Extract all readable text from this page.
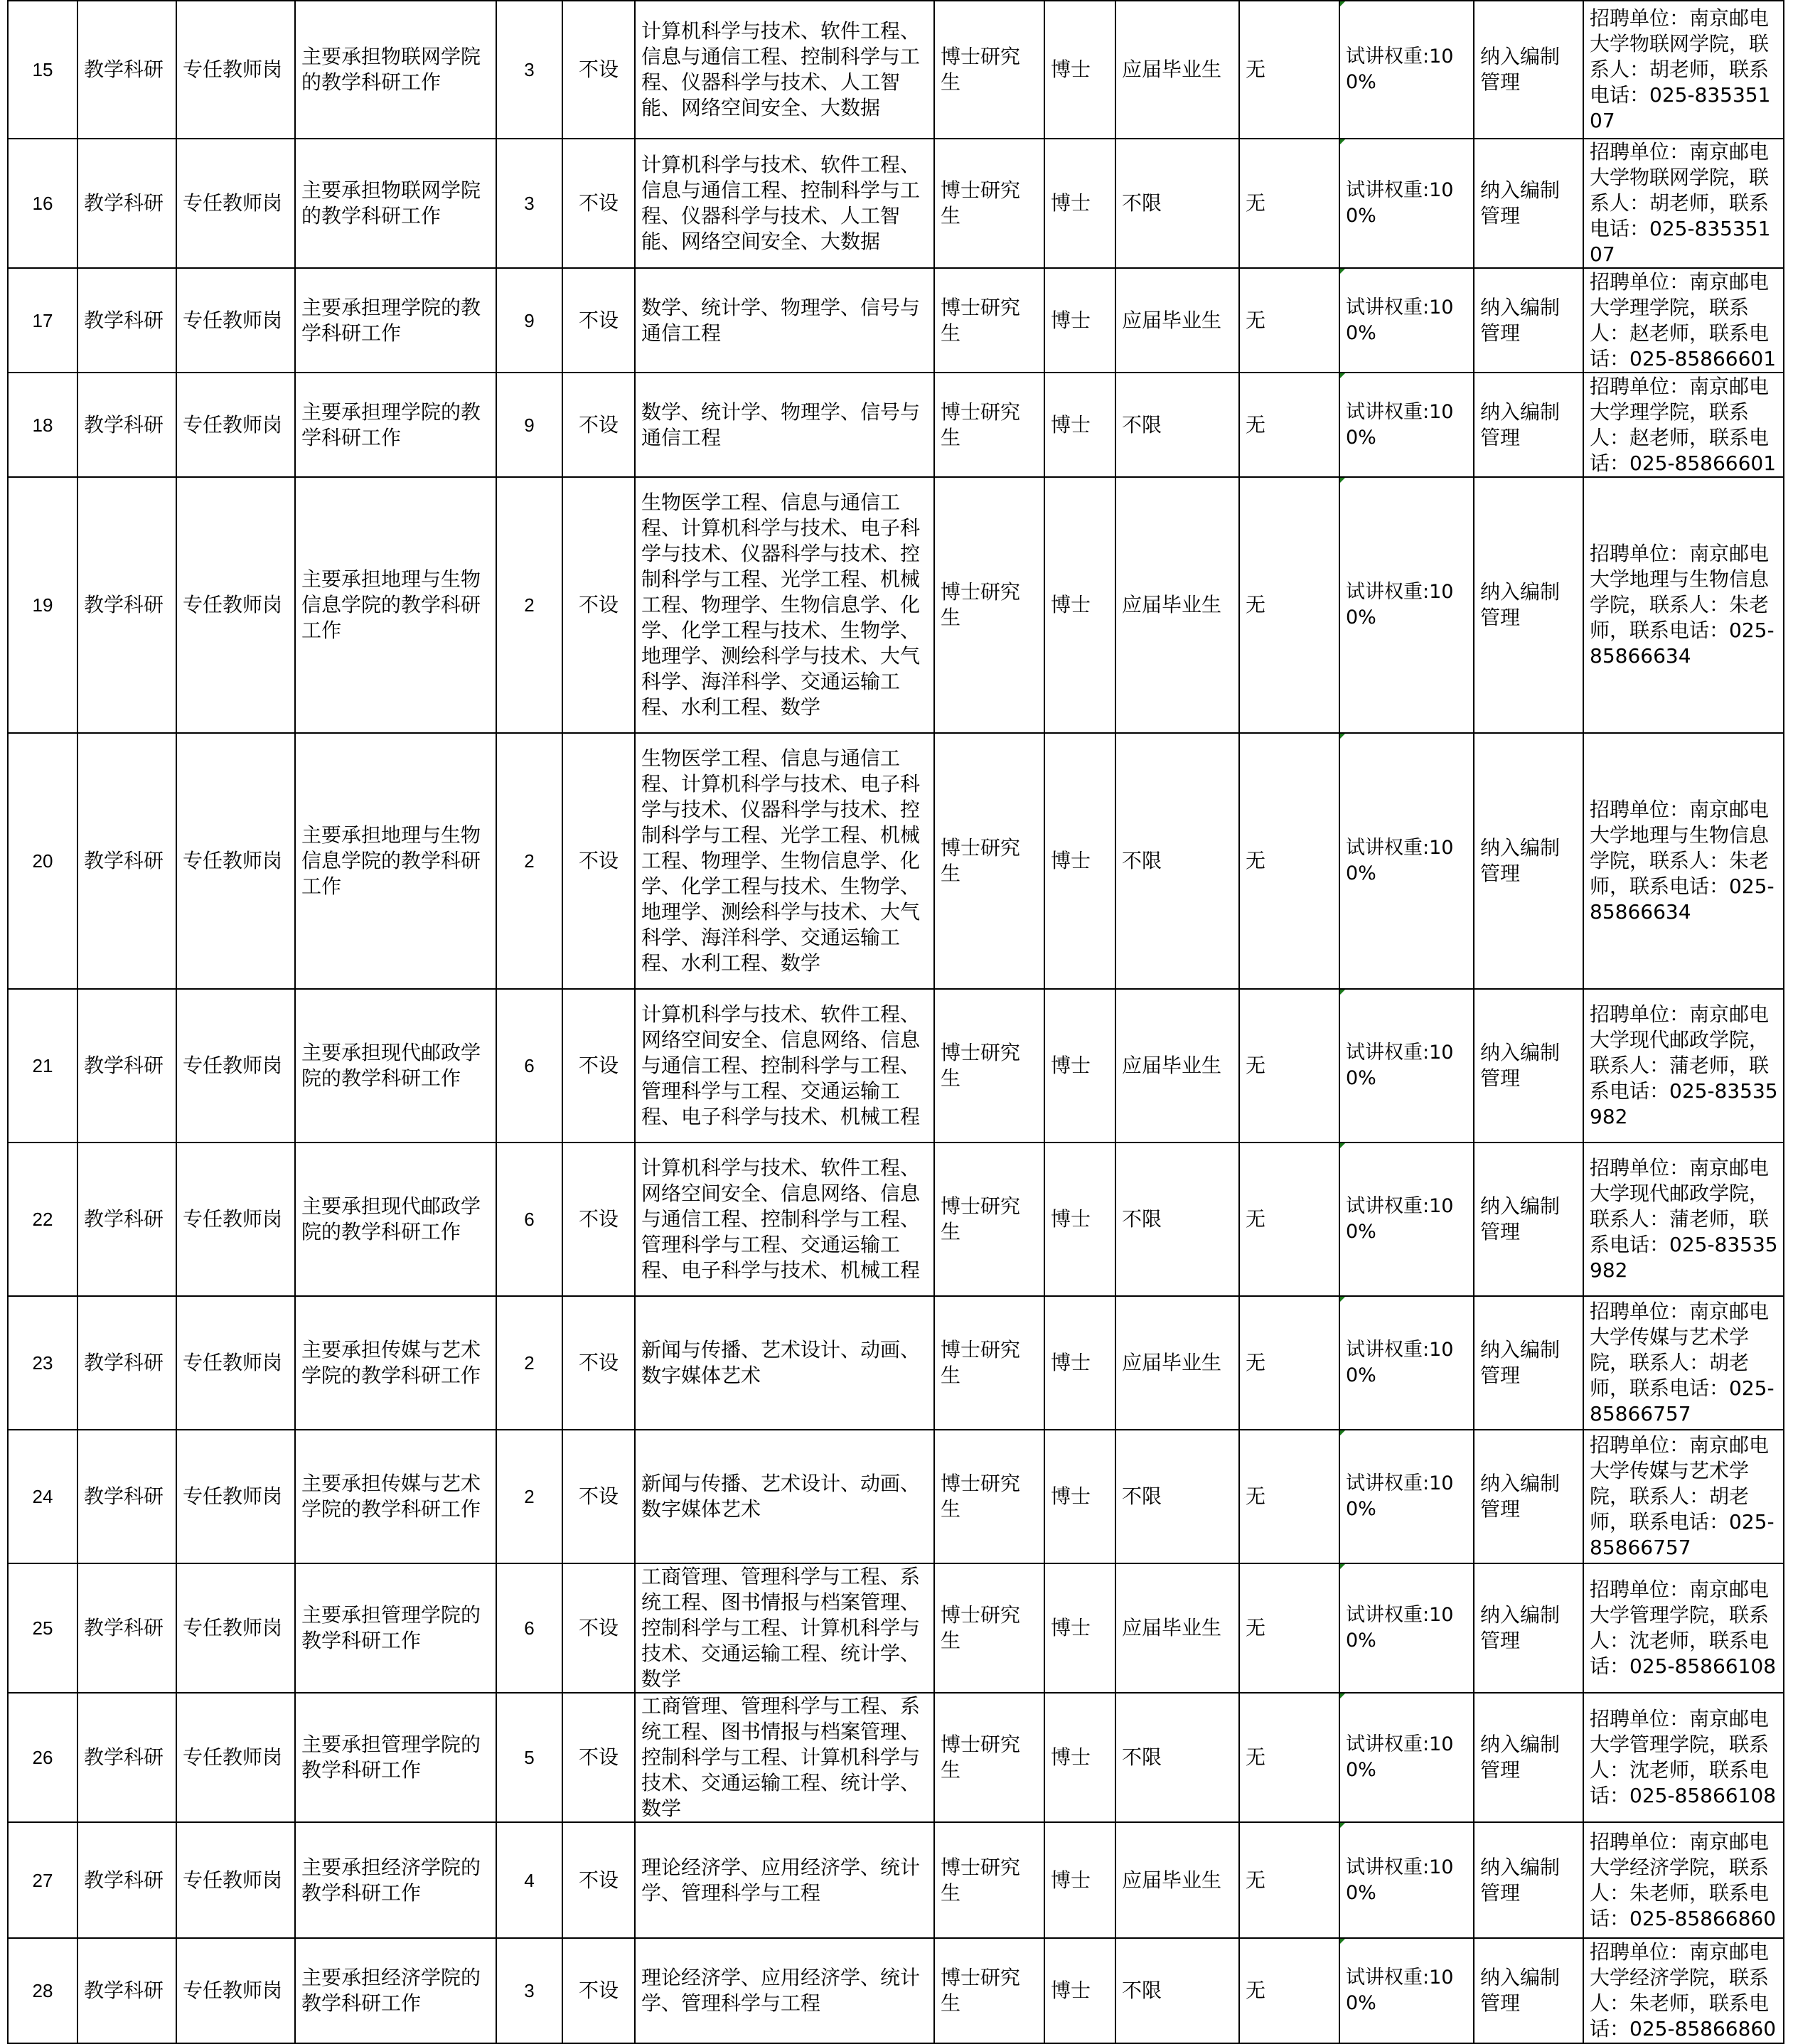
15	教学科研	专任教师岗	主要承担物联网学院的教学科研工作	3	不设	计算机科学与技术、软件工程、信息与通信工程、控制科学与工程、仪器科学与技术、人工智能、网络空间安全、大数据	博士研究生	博士	应届毕业生	无	试讲权重:100%	纳入编制管理	招聘单位：南京邮电大学物联网学院，联系人：胡老师，联系电话：025-83535107
16	教学科研	专任教师岗	主要承担物联网学院的教学科研工作	3	不设	计算机科学与技术、软件工程、信息与通信工程、控制科学与工程、仪器科学与技术、人工智能、网络空间安全、大数据	博士研究生	博士	不限	无	试讲权重:100%	纳入编制管理	招聘单位：南京邮电大学物联网学院，联系人：胡老师，联系电话：025-83535107
17	教学科研	专任教师岗	主要承担理学院的教学科研工作	9	不设	数学、统计学、物理学、信号与通信工程	博士研究生	博士	应届毕业生	无	试讲权重:100%	纳入编制管理	招聘单位：南京邮电大学理学院，联系人：赵老师，联系电话：025-85866601
18	教学科研	专任教师岗	主要承担理学院的教学科研工作	9	不设	数学、统计学、物理学、信号与通信工程	博士研究生	博士	不限	无	试讲权重:100%	纳入编制管理	招聘单位：南京邮电大学理学院，联系人：赵老师，联系电话：025-85866601
19	教学科研	专任教师岗	主要承担地理与生物信息学院的教学科研工作	2	不设	生物医学工程、信息与通信工程、计算机科学与技术、电子科学与技术、仪器科学与技术、控制科学与工程、光学工程、机械工程、物理学、生物信息学、化学、化学工程与技术、生物学、地理学、测绘科学与技术、大气科学、海洋科学、交通运输工程、水利工程、数学	博士研究生	博士	应届毕业生	无	试讲权重:100%	纳入编制管理	招聘单位：南京邮电大学地理与生物信息学院，联系人：朱老师，联系电话：025-85866634
20	教学科研	专任教师岗	主要承担地理与生物信息学院的教学科研工作	2	不设	生物医学工程、信息与通信工程、计算机科学与技术、电子科学与技术、仪器科学与技术、控制科学与工程、光学工程、机械工程、物理学、生物信息学、化学、化学工程与技术、生物学、地理学、测绘科学与技术、大气科学、海洋科学、交通运输工程、水利工程、数学	博士研究生	博士	不限	无	试讲权重:100%	纳入编制管理	招聘单位：南京邮电大学地理与生物信息学院，联系人：朱老师，联系电话：025-85866634
21	教学科研	专任教师岗	主要承担现代邮政学院的教学科研工作	6	不设	计算机科学与技术、软件工程、网络空间安全、信息网络、信息与通信工程、控制科学与工程、管理科学与工程、交通运输工程、电子科学与技术、机械工程	博士研究生	博士	应届毕业生	无	试讲权重:100%	纳入编制管理	招聘单位：南京邮电大学现代邮政学院，联系人：蒲老师，联系电话：025-83535982
22	教学科研	专任教师岗	主要承担现代邮政学院的教学科研工作	6	不设	计算机科学与技术、软件工程、网络空间安全、信息网络、信息与通信工程、控制科学与工程、管理科学与工程、交通运输工程、电子科学与技术、机械工程	博士研究生	博士	不限	无	试讲权重:100%	纳入编制管理	招聘单位：南京邮电大学现代邮政学院，联系人：蒲老师，联系电话：025-83535982
23	教学科研	专任教师岗	主要承担传媒与艺术学院的教学科研工作	2	不设	新闻与传播、艺术设计、动画、数字媒体艺术	博士研究生	博士	应届毕业生	无	试讲权重:100%	纳入编制管理	招聘单位：南京邮电大学传媒与艺术学院，联系人：胡老师，联系电话：025-85866757
24	教学科研	专任教师岗	主要承担传媒与艺术学院的教学科研工作	2	不设	新闻与传播、艺术设计、动画、数字媒体艺术	博士研究生	博士	不限	无	试讲权重:100%	纳入编制管理	招聘单位：南京邮电大学传媒与艺术学院，联系人：胡老师，联系电话：025-85866757
25	教学科研	专任教师岗	主要承担管理学院的教学科研工作	6	不设	工商管理、管理科学与工程、系统工程、图书情报与档案管理、控制科学与工程、计算机科学与技术、交通运输工程、统计学、数学	博士研究生	博士	应届毕业生	无	试讲权重:100%	纳入编制管理	招聘单位：南京邮电大学管理学院，联系人：沈老师，联系电话：025-85866108
26	教学科研	专任教师岗	主要承担管理学院的教学科研工作	5	不设	工商管理、管理科学与工程、系统工程、图书情报与档案管理、控制科学与工程、计算机科学与技术、交通运输工程、统计学、数学	博士研究生	博士	不限	无	试讲权重:100%	纳入编制管理	招聘单位：南京邮电大学管理学院，联系人：沈老师，联系电话：025-85866108
27	教学科研	专任教师岗	主要承担经济学院的教学科研工作	4	不设	理论经济学、应用经济学、统计学、管理科学与工程	博士研究生	博士	应届毕业生	无	试讲权重:100%	纳入编制管理	招聘单位：南京邮电大学经济学院，联系人：朱老师，联系电话：025-85866860
28	教学科研	专任教师岗	主要承担经济学院的教学科研工作	3	不设	理论经济学、应用经济学、统计学、管理科学与工程	博士研究生	博士	不限	无	试讲权重:100%	纳入编制管理	招聘单位：南京邮电大学经济学院，联系人：朱老师，联系电话：025-85866860
